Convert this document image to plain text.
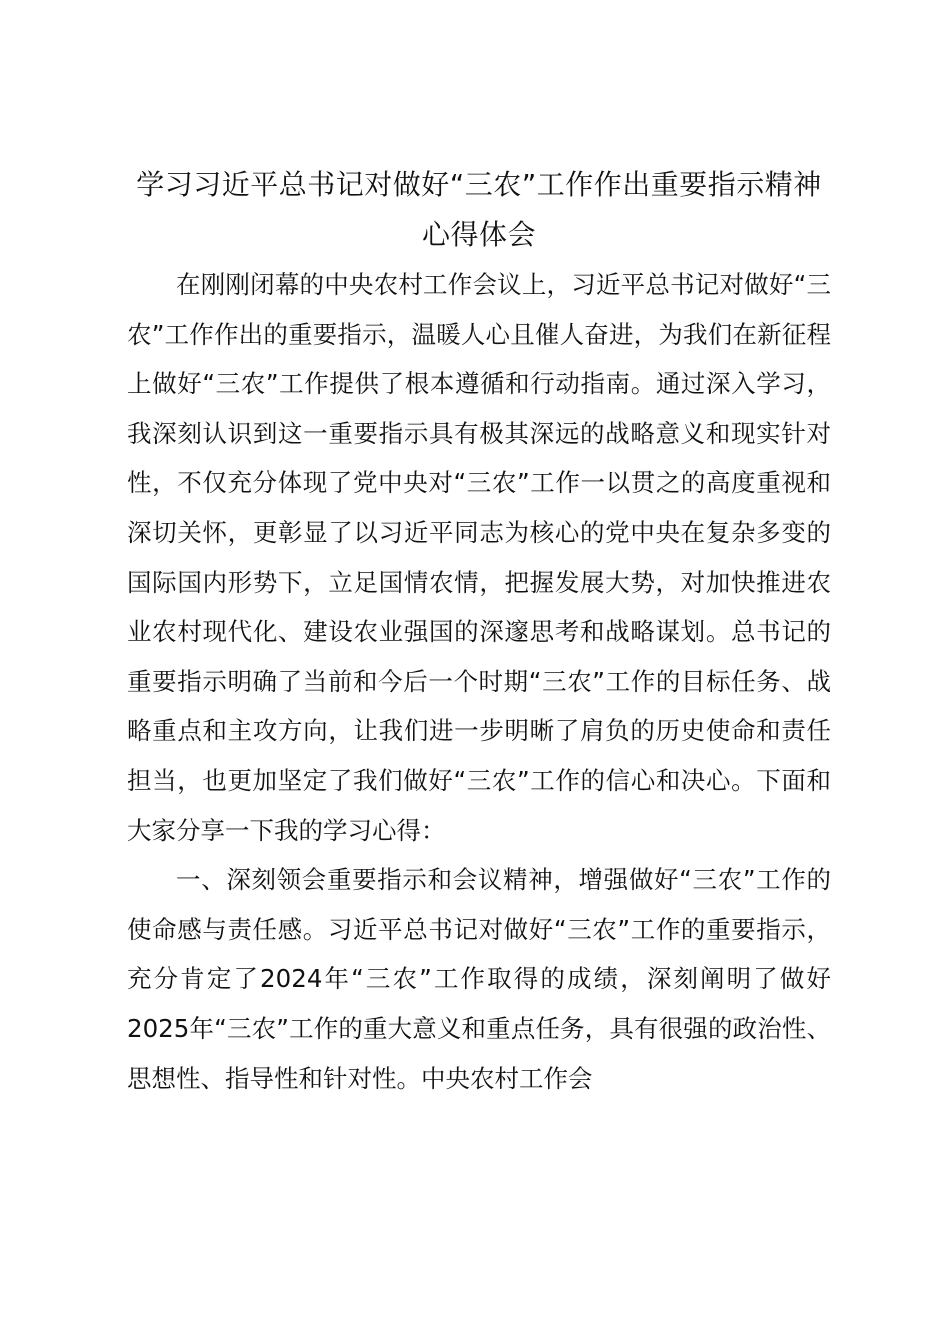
学习习近平总书记对做好“三农”工作作出重要指示精神心得体会

在刚刚闭幕的中央农村工作会议上，习近平总书记对做好“三农”工作作出的重要指示，温暖人心且催人奋进，为我们在新征程上做好“三农”工作提供了根本遵循和行动指南。通过深入学习，我深刻认识到这一重要指示具有极其深远的战略意义和现实针对性，不仅充分体现了党中央对“三农”工作一以贯之的高度重视和深切关怀，更彰显了以习近平同志为核心的党中央在复杂多变的国际国内形势下，立足国情农情，把握发展大势，对加快推进农业农村现代化、建设农业强国的深邃思考和战略谋划。总书记的重要指示明确了当前和今后一个时期“三农”工作的目标任务、战略重点和主攻方向，让我们进一步明晰了肩负的历史使命和责任担当，也更加坚定了我们做好“三农”工作的信心和决心。下面和大家分享一下我的学习心得：

一、深刻领会重要指示和会议精神，增强做好“三农”工作的使命感与责任感。习近平总书记对做好“三农”工作的重要指示，充分肯定了2024年“三农”工作取得的成绩，深刻阐明了做好2025年“三农”工作的重大意义和重点任务，具有很强的政治性、思想性、指导性和针对性。中央农村工作会
